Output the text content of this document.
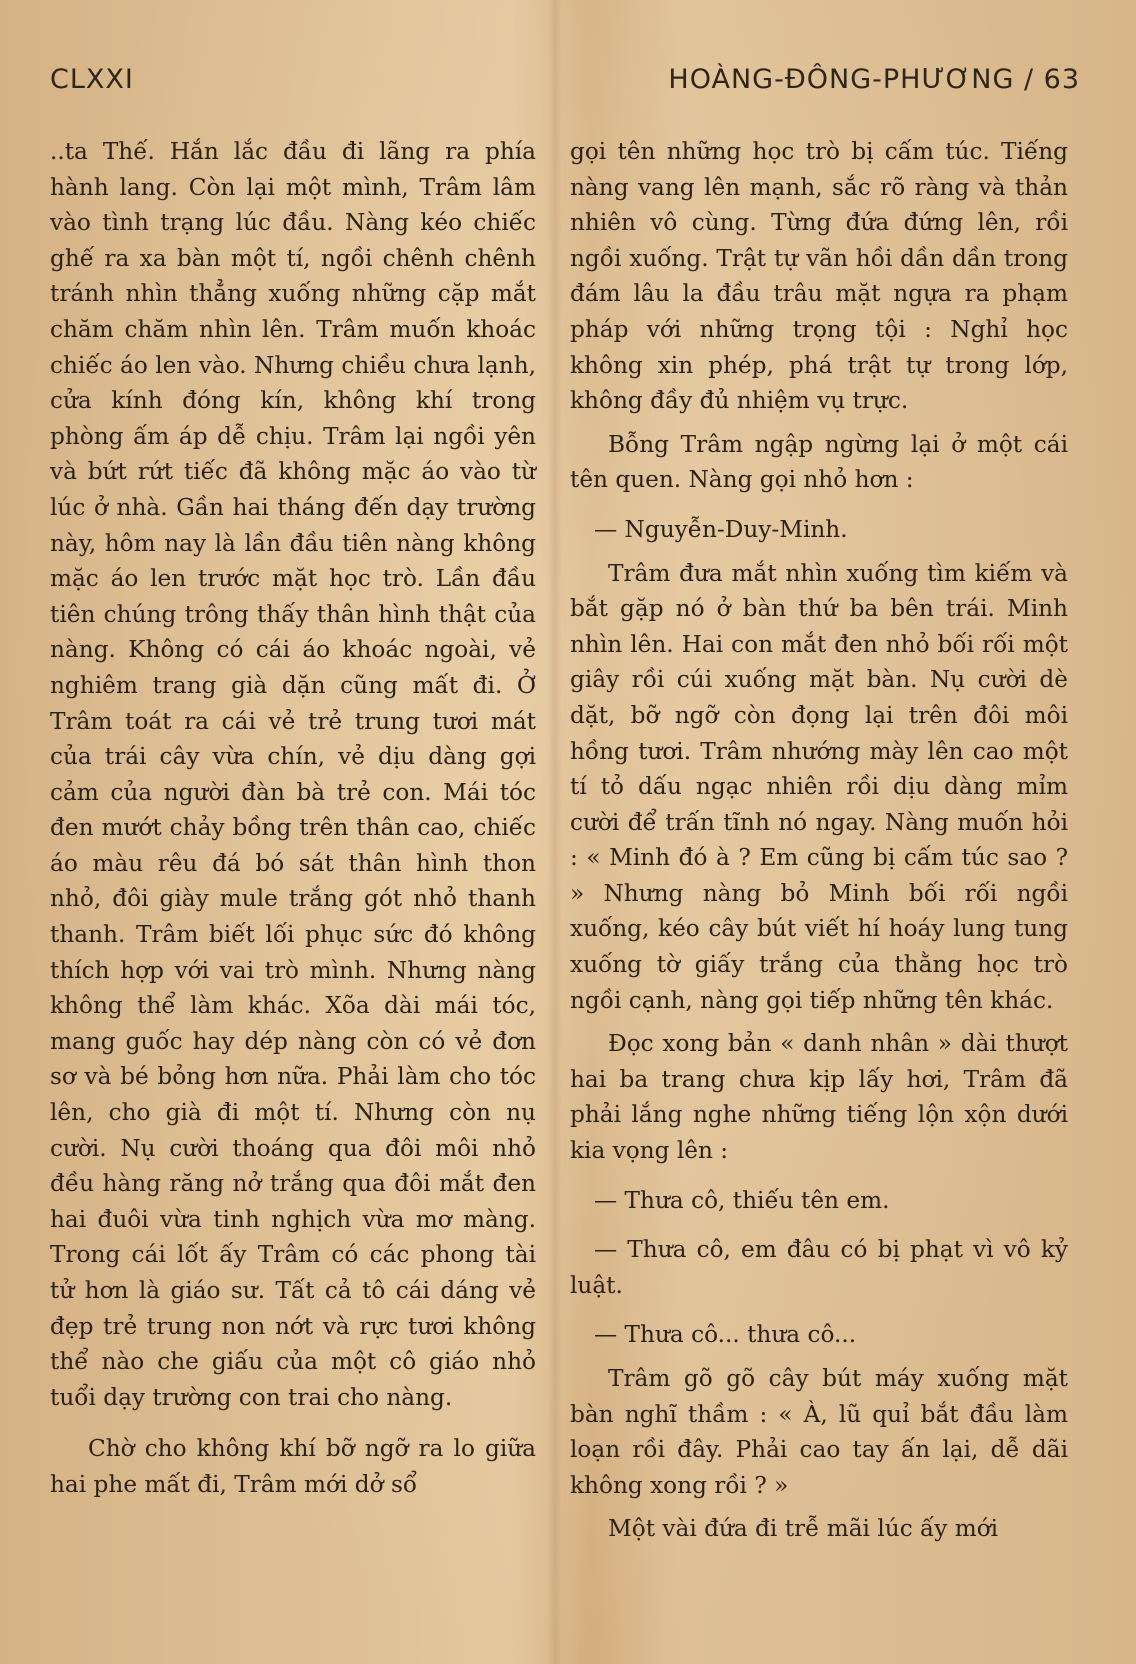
CLXXI	HOÀNG-ĐÔNG-PHƯƠNG / 63

..ta Thế. Hắn lắc đầu đi lãng ra phía hành lang. Còn lại một mình, Trâm lâm vào tình trạng lúc đầu. Nàng kéo chiếc ghế ra xa bàn một tí, ngồi chênh chênh tránh nhìn thẳng xuống những cặp mắt chăm chăm nhìn lên. Trâm muốn khoác chiếc áo len vào. Nhưng chiều chưa lạnh, cửa kính đóng kín, không khí trong phòng ấm áp dễ chịu. Trâm lại ngồi yên và bứt rứt tiếc đã không mặc áo vào từ lúc ở nhà. Gần hai tháng đến dạy trường này, hôm nay là lần đầu tiên nàng không mặc áo len trước mặt học trò. Lần đầu tiên chúng trông thấy thân hình thật của nàng. Không có cái áo khoác ngoài, vẻ nghiêm trang già dặn cũng mất đi. Ở Trâm toát ra cái vẻ trẻ trung tươi mát của trái cây vừa chín, vẻ dịu dàng gợi cảm của người đàn bà trẻ con. Mái tóc đen mướt chảy bồng trên thân cao, chiếc áo màu rêu đá bó sát thân hình thon nhỏ, đôi giày mule trắng gót nhỏ thanh thanh. Trâm biết lối phục sức đó không thích hợp với vai trò mình. Nhưng nàng không thể làm khác. Xõa dài mái tóc, mang guốc hay dép nàng còn có vẻ đơn sơ và bé bỏng hơn nữa. Phải làm cho tóc lên, cho già đi một tí. Nhưng còn nụ cười. Nụ cười thoáng qua đôi môi nhỏ đều hàng răng nở trắng qua đôi mắt đen hai đuôi vừa tinh nghịch vừa mơ màng. Trong cái lốt ấy Trâm có các phong tài tử hơn là giáo sư. Tất cả tô cái dáng vẻ đẹp trẻ trung non nớt và rực tươi không thể nào che giấu của một cô giáo nhỏ tuổi dạy trường con trai cho nàng.

Chờ cho không khí bỡ ngỡ ra lo giữa hai phe mất đi, Trâm mới dở sổ

gọi tên những học trò bị cấm túc. Tiếng nàng vang lên mạnh, sắc rõ ràng và thản nhiên vô cùng. Từng đứa đứng lên, rồi ngồi xuống. Trật tự vãn hồi dần dần trong đám lâu la đầu trâu mặt ngựa ra phạm pháp với những trọng tội : Nghỉ học không xin phép, phá trật tự trong lớp, không đầy đủ nhiệm vụ trực.

Bỗng Trâm ngập ngừng lại ở một cái tên quen. Nàng gọi nhỏ hơn :

— Nguyễn-Duy-Minh.

Trâm đưa mắt nhìn xuống tìm kiếm và bắt gặp nó ở bàn thứ ba bên trái. Minh nhìn lên. Hai con mắt đen nhỏ bối rối một giây rồi cúi xuống mặt bàn. Nụ cười dè dặt, bỡ ngỡ còn đọng lại trên đôi môi hồng tươi. Trâm nhướng mày lên cao một tí tỏ dấu ngạc nhiên rồi dịu dàng mỉm cười để trấn tĩnh nó ngay. Nàng muốn hỏi : « Minh đó à ? Em cũng bị cấm túc sao ? » Nhưng nàng bỏ Minh bối rối ngồi xuống, kéo cây bút viết hí hoáy lung tung xuống tờ giấy trắng của thằng học trò ngồi cạnh, nàng gọi tiếp những tên khác.

Đọc xong bản « danh nhân » dài thượt hai ba trang chưa kịp lấy hơi, Trâm đã phải lắng nghe những tiếng lộn xộn dưới kia vọng lên :

— Thưa cô, thiếu tên em.

— Thưa cô, em đâu có bị phạt vì vô kỷ luật.

— Thưa cô... thưa cô...

Trâm gõ gõ cây bút máy xuống mặt bàn nghĩ thầm : « À, lũ quỉ bắt đầu làm loạn rồi đây. Phải cao tay ấn lại, dễ dãi không xong rồi ? »

Một vài đứa đi trễ mãi lúc ấy mới
